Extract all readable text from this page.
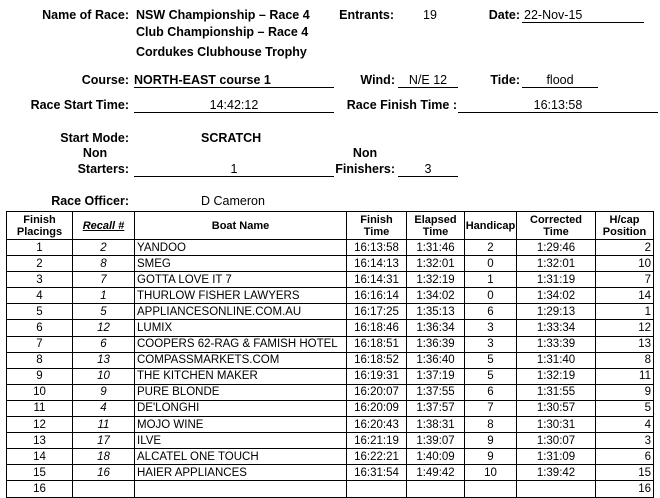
Name of Race: NSW Championship – Race 4
Club Championship – Race 4
Cordukes Clubhouse Trophy
Entrants:	19	Date: 22-Nov-15
Course: NORTH-EAST course 1	Wind:	N/E 12	Tide:	flood
Race Start Time:	14:42:12	Race Finish Time :	16:13:58
Start Mode:	SCRATCH
Non
Starters:	1
Non
Finishers:	3
Race Officer:	D Cameron
Finish Placings	Recall #	Boat Name	Finish Time	Elapsed Time	Handicap	Corrected Time	H/cap Position
1	2	YANDOO	16:13:58	1:31:46	2	1:29:46	2
2	8	SMEG	16:14:13	1:32:01	0	1:32:01	10
3	7	GOTTA LOVE IT 7	16:14:31	1:32:19	1	1:31:19	7
4	1	THURLOW FISHER LAWYERS	16:16:14	1:34:02	0	1:34:02	14
5	5	APPLIANCESONLINE.COM.AU	16:17:25	1:35:13	6	1:29:13	1
6	12	LUMIX	16:18:46	1:36:34	3	1:33:34	12
7	6	COOPERS 62-RAG & FAMISH HOTEL	16:18:51	1:36:39	3	1:33:39	13
8	13	COMPASSMARKETS.COM	16:18:52	1:36:40	5	1:31:40	8
9	10	THE KITCHEN MAKER	16:19:31	1:37:19	5	1:32:19	11
10	9	PURE BLONDE	16:20:07	1:37:55	6	1:31:55	9
11	4	DE'LONGHI	16:20:09	1:37:57	7	1:30:57	5
12	11	MOJO WINE	16:20:43	1:38:31	8	1:30:31	4
13	17	ILVE	16:21:19	1:39:07	9	1:30:07	3
14	18	ALCATEL ONE TOUCH	16:22:21	1:40:09	9	1:31:09	6
15	16	HAIER APPLIANCES	16:31:54	1:49:42	10	1:39:42	15
16							16
